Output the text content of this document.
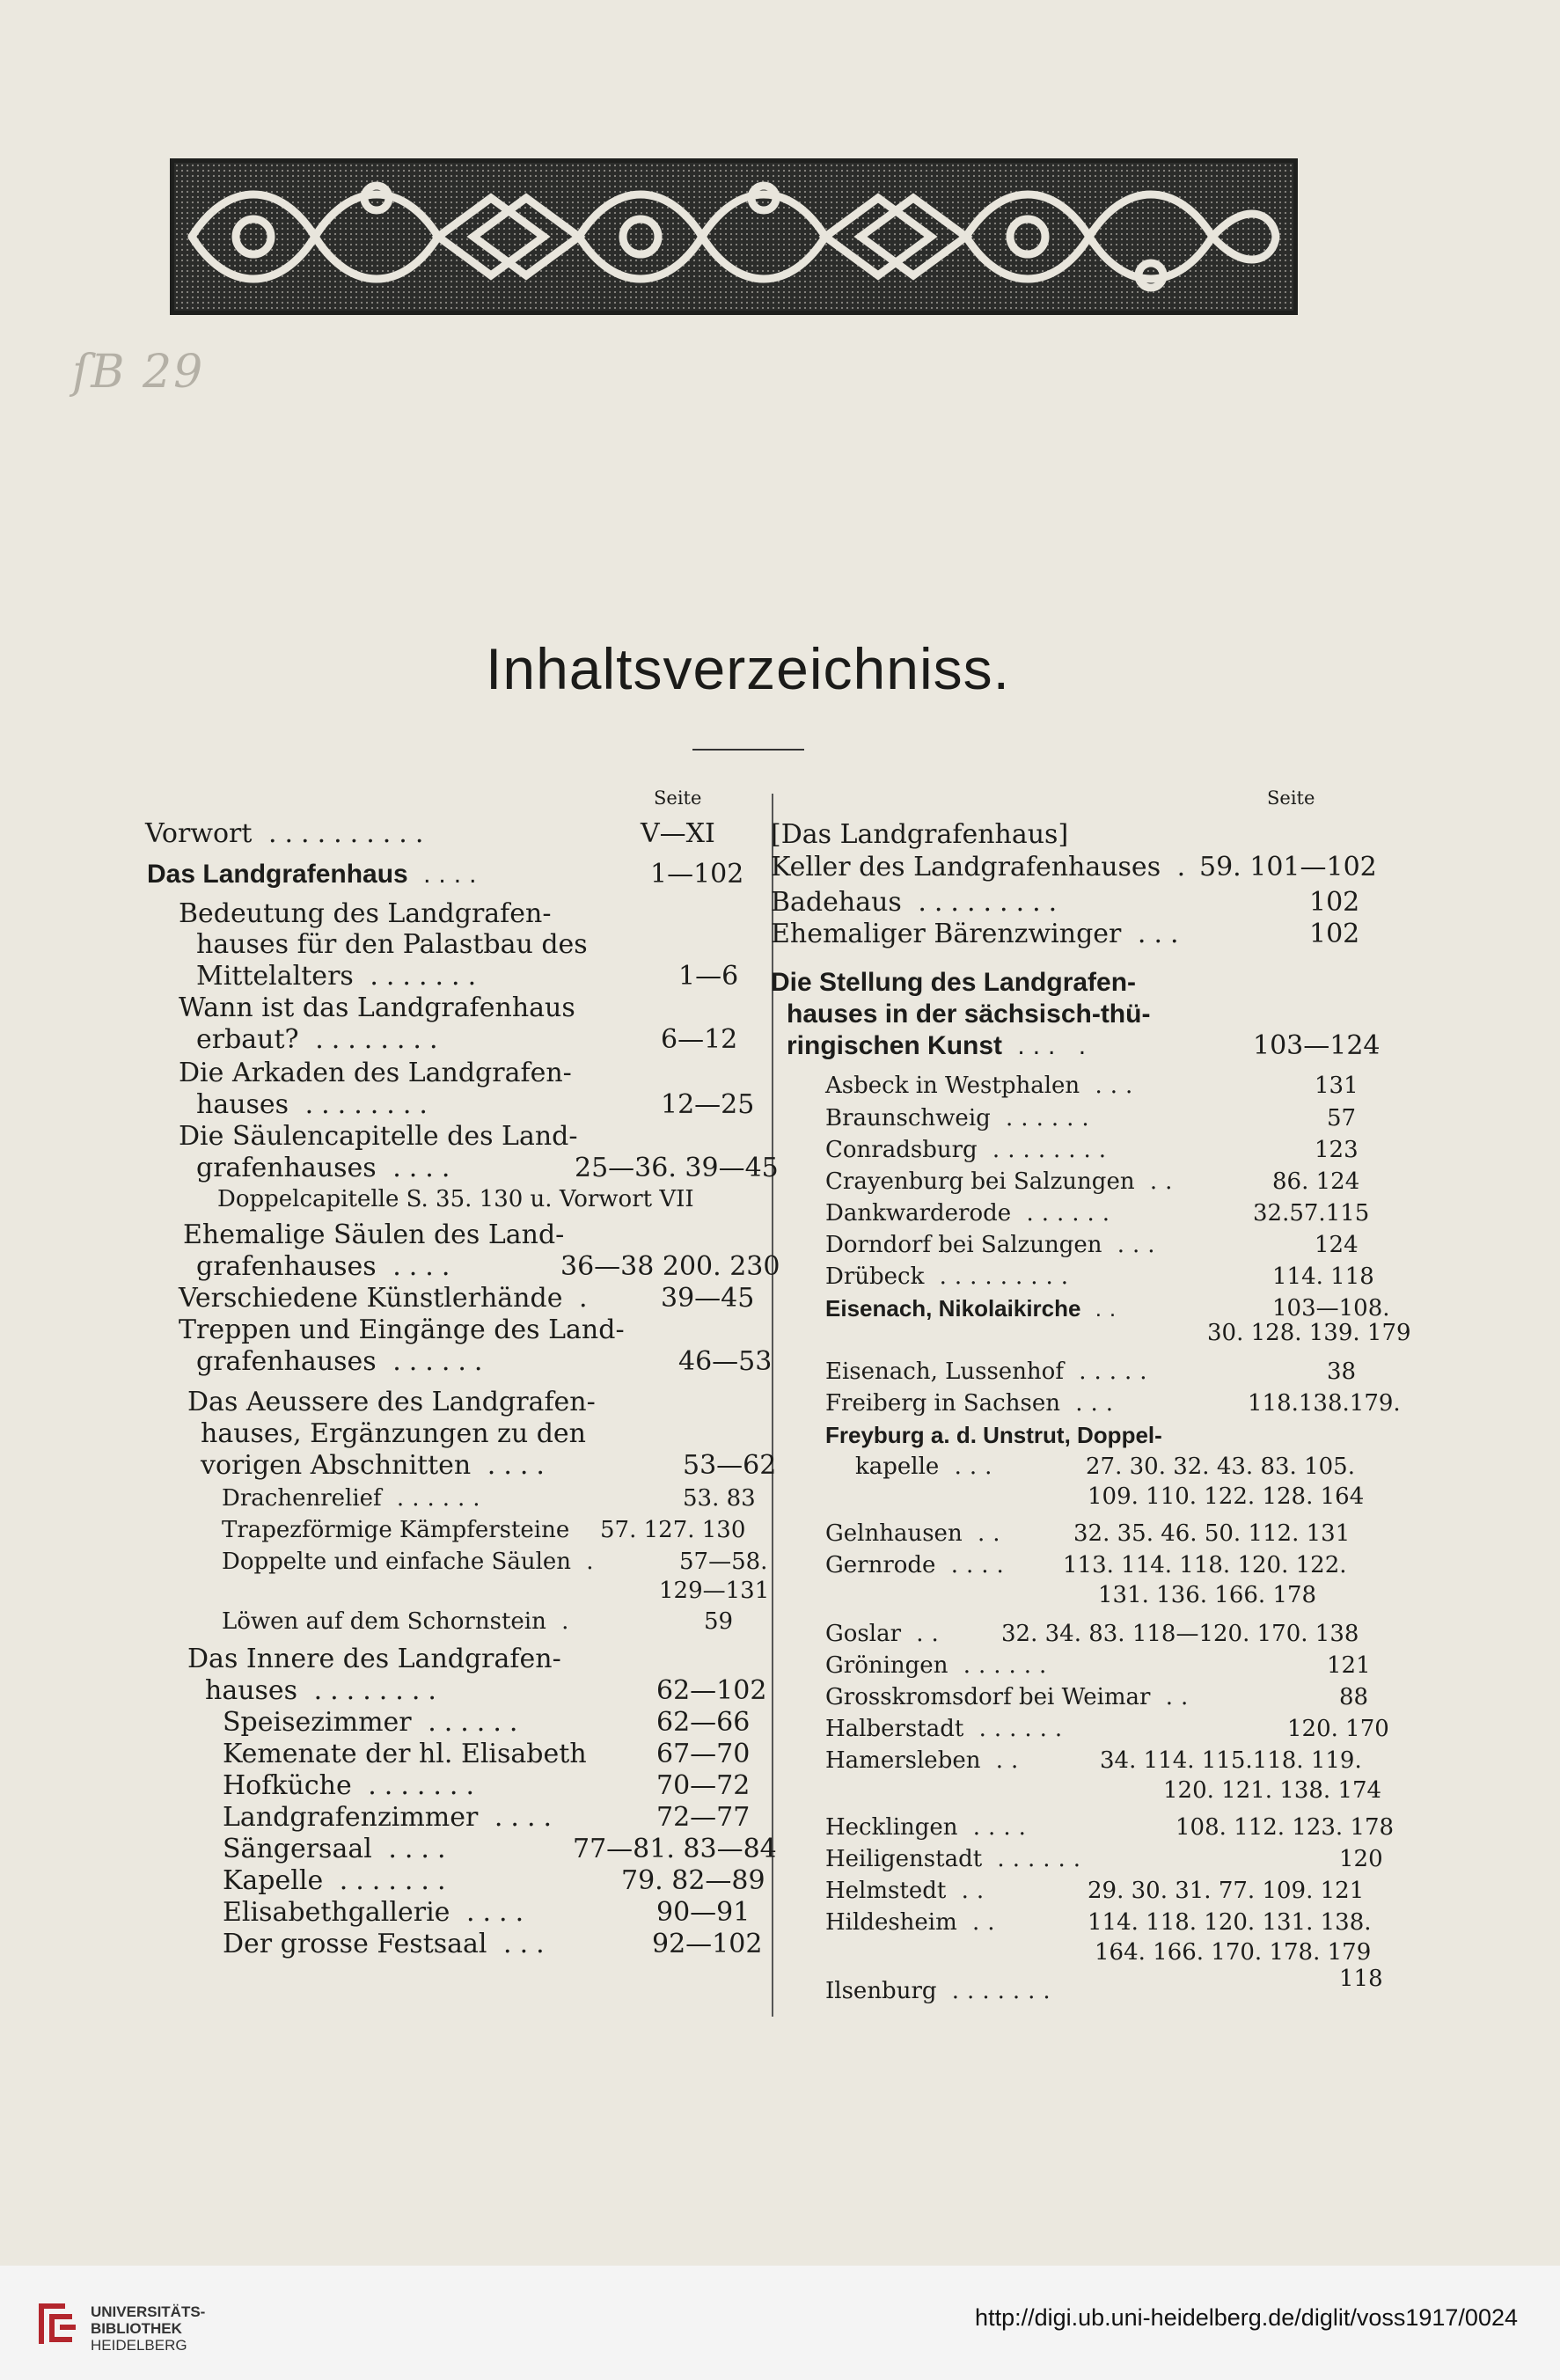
ſB 29
Inhaltsverzeichniss.
Seite
Vorwort ..........	V—XI
Das Landgrafenhaus ....	1—102
Bedeutung des Landgrafen-
hauses für den Palastbau des
Mittelalters .......	1—6
Wann ist das Landgrafenhaus
erbaut? ........	6—12
Die Arkaden des Landgrafen-
hauses ........	12—25
Die Säulencapitelle des Land-
grafenhauses ....	25—36. 39—45
Doppelcapitelle S. 35. 130 u. Vorwort VII
Ehemalige Säulen des Land-
grafenhauses ....	36—38 200. 230
Verschiedene Künstlerhände . 39—45
Treppen und Eingänge des Land-
grafenhauses ......	46—53
Das Aeussere des Landgrafen-
hauses, Ergänzungen zu den
vorigen Abschnitten ....	53—62
Drachenrelief ......	53. 83
Trapezförmige Kämpfersteine 57. 127. 130
Doppelte und einfache Säulen .	57—58.
129—131
Löwen auf dem Schornstein .	59
Das Innere des Landgrafen-
hauses ........	62—102
Speisezimmer ......	62—66
Kemenate der hl. Elisabeth	67—70
Hofküche .......	70—72
Landgrafenzimmer ....	72—77
Sängersaal ....	77—81. 83—84
Kapelle .......	79. 82—89
Elisabethgallerie ....	90—91
Der grosse Festsaal ...	92—102
Seite
[Das Landgrafenhaus]
Keller des Landgrafenhauses . 59. 101—102
Badehaus .........	102
Ehemaliger Bärenzwinger ...	102
Die Stellung des Landgrafen-
hauses in der sächsisch-thü-
ringischen Kunst ... .	103—124
Asbeck in Westphalen ...	131
Braunschweig ......	57
Conradsburg ........	123
Crayenburg bei Salzungen ..	86. 124
Dankwarderode ......	32.57.115
Dorndorf bei Salzungen ...	124
Drübeck .........	114. 118
Eisenach, Nikolaikirche ..	103—108.
30. 128. 139. 179
Eisenach, Lussenhof .....	38
Freiberg in Sachsen ...	118.138.179.
Freyburg a. d. Unstrut, Doppel-
kapelle ...	27. 30. 32. 43. 83. 105.
109. 110. 122. 128. 164
Gelnhausen ..	32. 35. 46. 50. 112. 131
Gernrode .... 113. 114. 118. 120. 122.
131. 136. 166. 178
Goslar .. 32. 34. 83. 118—120. 170. 138
Gröningen ......	121
Grosskromsdorf bei Weimar ..	88
Halberstadt ......	120. 170
Hamersleben ..	34. 114. 115.118. 119.
120. 121. 138. 174
Hecklingen ....	108. 112. 123. 178
Heiligenstadt ......	120
Helmstedt ..	29. 30. 31. 77. 109. 121
Hildesheim ..	114. 118. 120. 131. 138.
164. 166. 170. 178. 179
Ilsenburg .......	118
UNIVERSITÄTS-
BIBLIOTHEK
HEIDELBERG
http://digi.ub.uni-heidelberg.de/diglit/voss1917/0024
